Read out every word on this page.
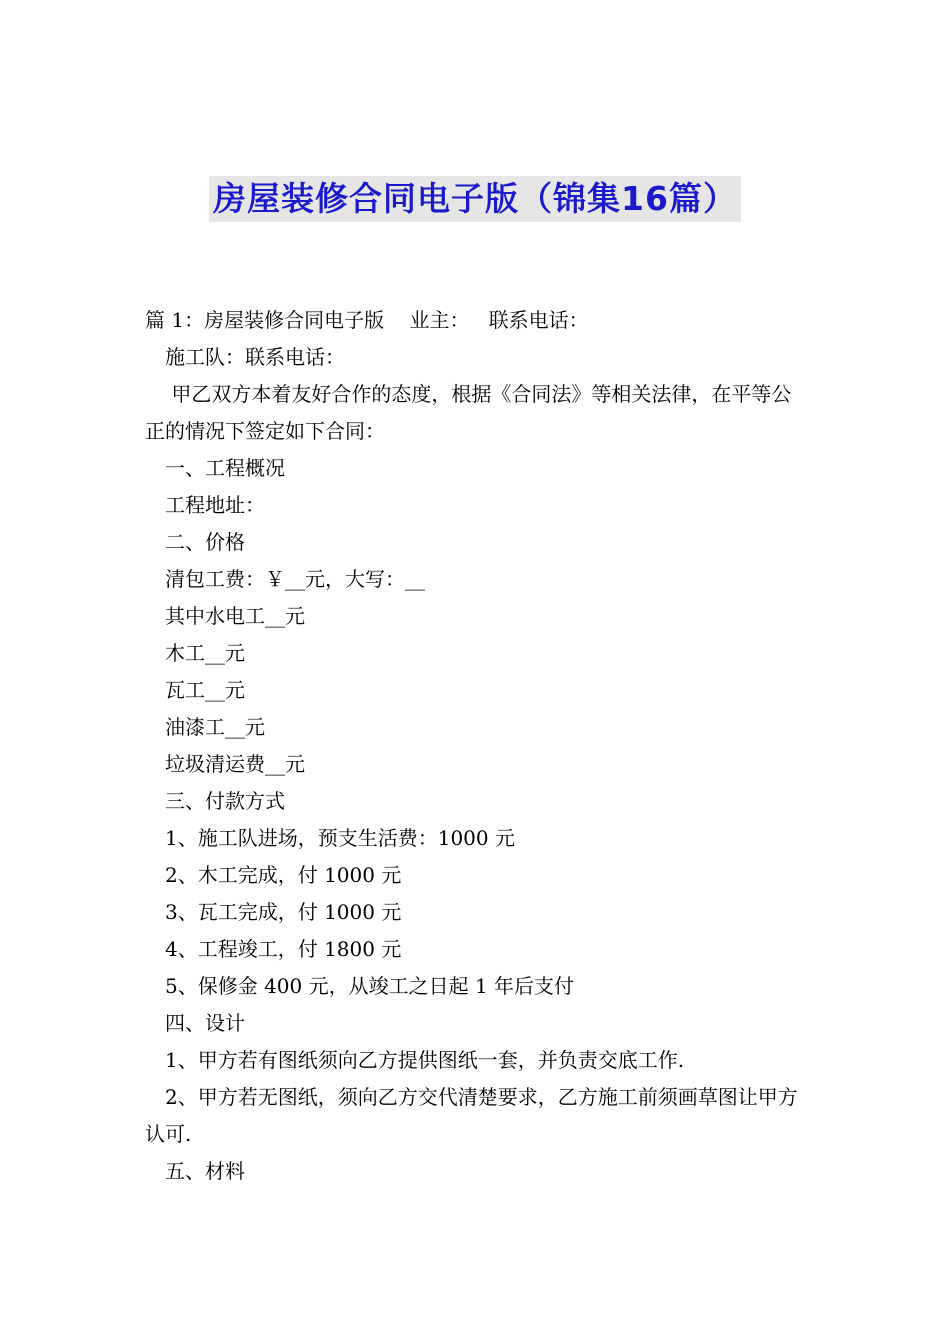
房屋装修合同电子版（锦集16篇）

篇 1：房屋装修合同电子版    业主：   联系电话：

施工队：联系电话：

甲乙双方本着友好合作的态度，根据《合同法》等相关法律，在平等公正的情况下签定如下合同：

一、工程概况

工程地址：

二、价格

清包工费：￥__元，大写：__

其中水电工__元

木工__元

瓦工__元

油漆工__元

垃圾清运费__元

三、付款方式

1、施工队进场，预支生活费：1000 元

2、木工完成，付 1000 元

3、瓦工完成，付 1000 元

4、工程竣工，付 1800 元

5、保修金 400 元，从竣工之日起 1 年后支付

四、设计

1、甲方若有图纸须向乙方提供图纸一套，并负责交底工作.

2、甲方若无图纸，须向乙方交代清楚要求，乙方施工前须画草图让甲方认可.

五、材料
